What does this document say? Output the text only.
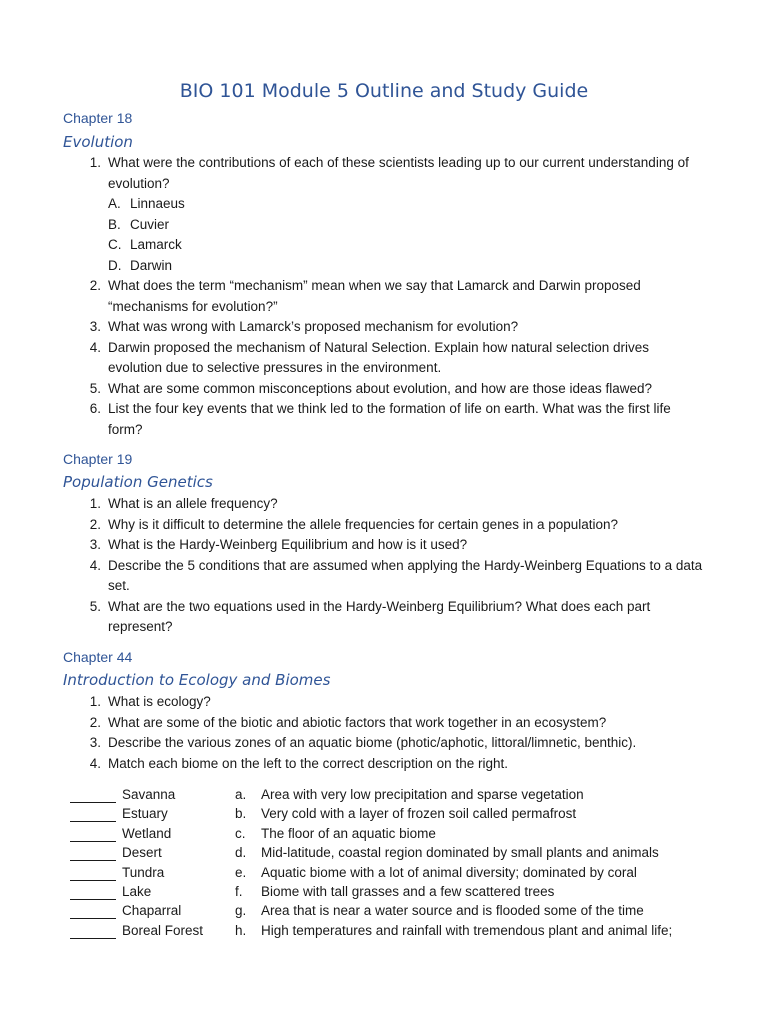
BIO 101 Module 5 Outline and Study Guide
Chapter 18
Evolution
1. What were the contributions of each of these scientists leading up to our current understanding of evolution?
A. Linnaeus
B. Cuvier
C. Lamarck
D. Darwin
2. What does the term “mechanism” mean when we say that Lamarck and Darwin proposed “mechanisms for evolution?”
3. What was wrong with Lamarck’s proposed mechanism for evolution?
4. Darwin proposed the mechanism of Natural Selection. Explain how natural selection drives evolution due to selective pressures in the environment.
5. What are some common misconceptions about evolution, and how are those ideas flawed?
6. List the four key events that we think led to the formation of life on earth. What was the first life form?
Chapter 19
Population Genetics
1. What is an allele frequency?
2. Why is it difficult to determine the allele frequencies for certain genes in a population?
3. What is the Hardy-Weinberg Equilibrium and how is it used?
4. Describe the 5 conditions that are assumed when applying the Hardy-Weinberg Equations to a data set.
5. What are the two equations used in the Hardy-Weinberg Equilibrium? What does each part represent?
Chapter 44
Introduction to Ecology and Biomes
1. What is ecology?
2. What are some of the biotic and abiotic factors that work together in an ecosystem?
3. Describe the various zones of an aquatic biome (photic/aphotic, littoral/limnetic, benthic).
4. Match each biome on the left to the correct description on the right.
Savanna	a.	Area with very low precipitation and sparse vegetation
Estuary	b.	Very cold with a layer of frozen soil called permafrost
Wetland	c.	The floor of an aquatic biome
Desert	d.	Mid-latitude, coastal region dominated by small plants and animals
Tundra	e.	Aquatic biome with a lot of animal diversity; dominated by coral
Lake	f.	Biome with tall grasses and a few scattered trees
Chaparral	g.	Area that is near a water source and is flooded some of the time
Boreal Forest	h.	High temperatures and rainfall with tremendous plant and animal life;
